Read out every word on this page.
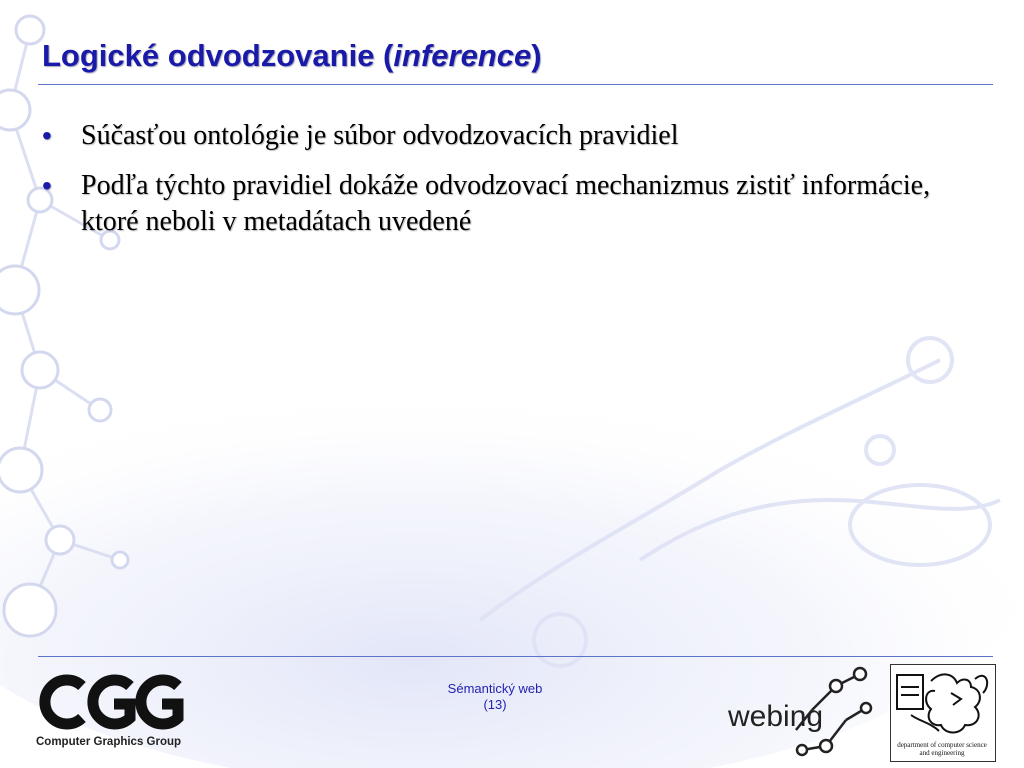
Logické odvodzovanie (inference)
• Súčasťou ontológie je súbor odvodzovacích pravidiel
• Podľa týchto pravidiel dokáže odvodzovací mechanizmus zistiť informácie, ktoré neboli v metadátach uvedené
Sémantický web
(13)
Computer Graphics Group
webing
department of computer science and engineering
